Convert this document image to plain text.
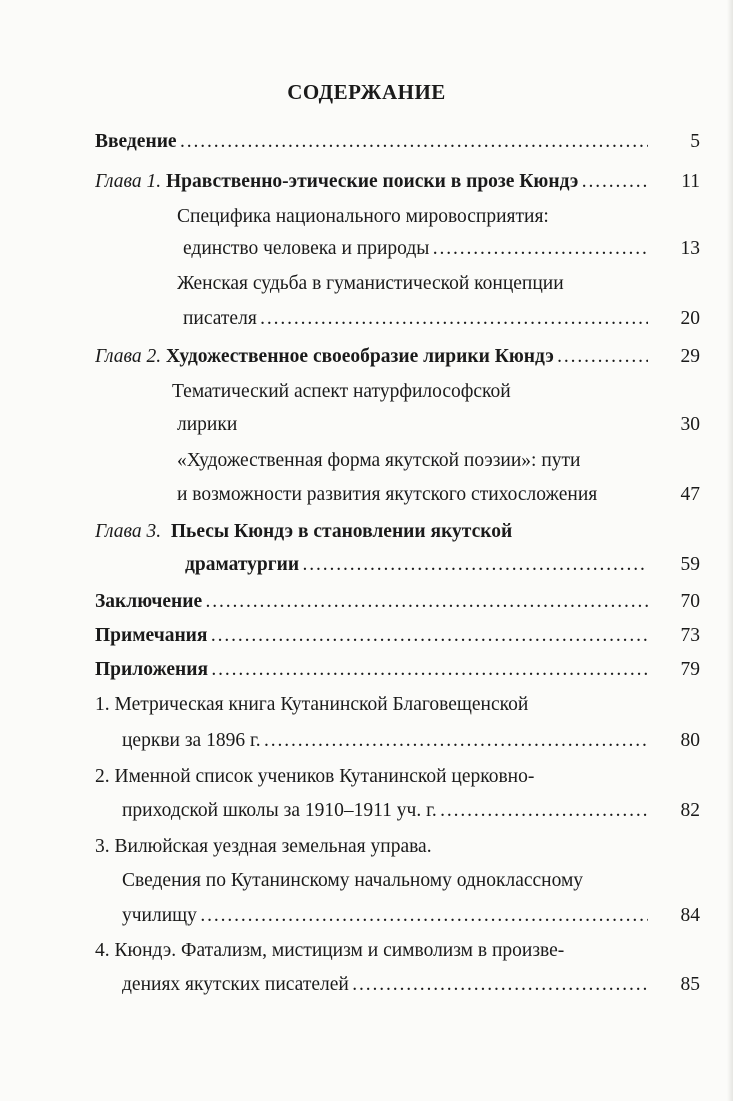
СОДЕРЖАНИЕ
Введение . . .	5
Глава 1. Нравственно-этические поиски в прозе Кюндэ . . .	11
Специфика национального мировосприятия:
единство человека и природы . . .	13
Женская судьба в гуманистической концепции
писателя . . .	20
Глава 2. Художественное своеобразие лирики Кюндэ . . .	29
Тематический аспект натурфилософской
лирики	30
«Художественная форма якутской поэзии»: пути
и возможности развития якутского стихосложения	47
Глава 3. Пьесы Кюндэ в становлении якутской
драматургии . . .	59
Заключение . . .	70
Примечания . . .	73
Приложения . . .	79
1. Метрическая книга Кутанинской Благовещенской
церкви за 1896 г. . . .	80
2. Именной список учеников Кутанинской церковно-
приходской школы за 1910–1911 уч. г. . . .	82
3. Вилюйская уездная земельная управа.
Сведения по Кутанинскому начальному одноклассному
училищу . . .	84
4. Кюндэ. Фатализм, мистицизм и символизм в произве-
дениях якутских писателей . . .	85
